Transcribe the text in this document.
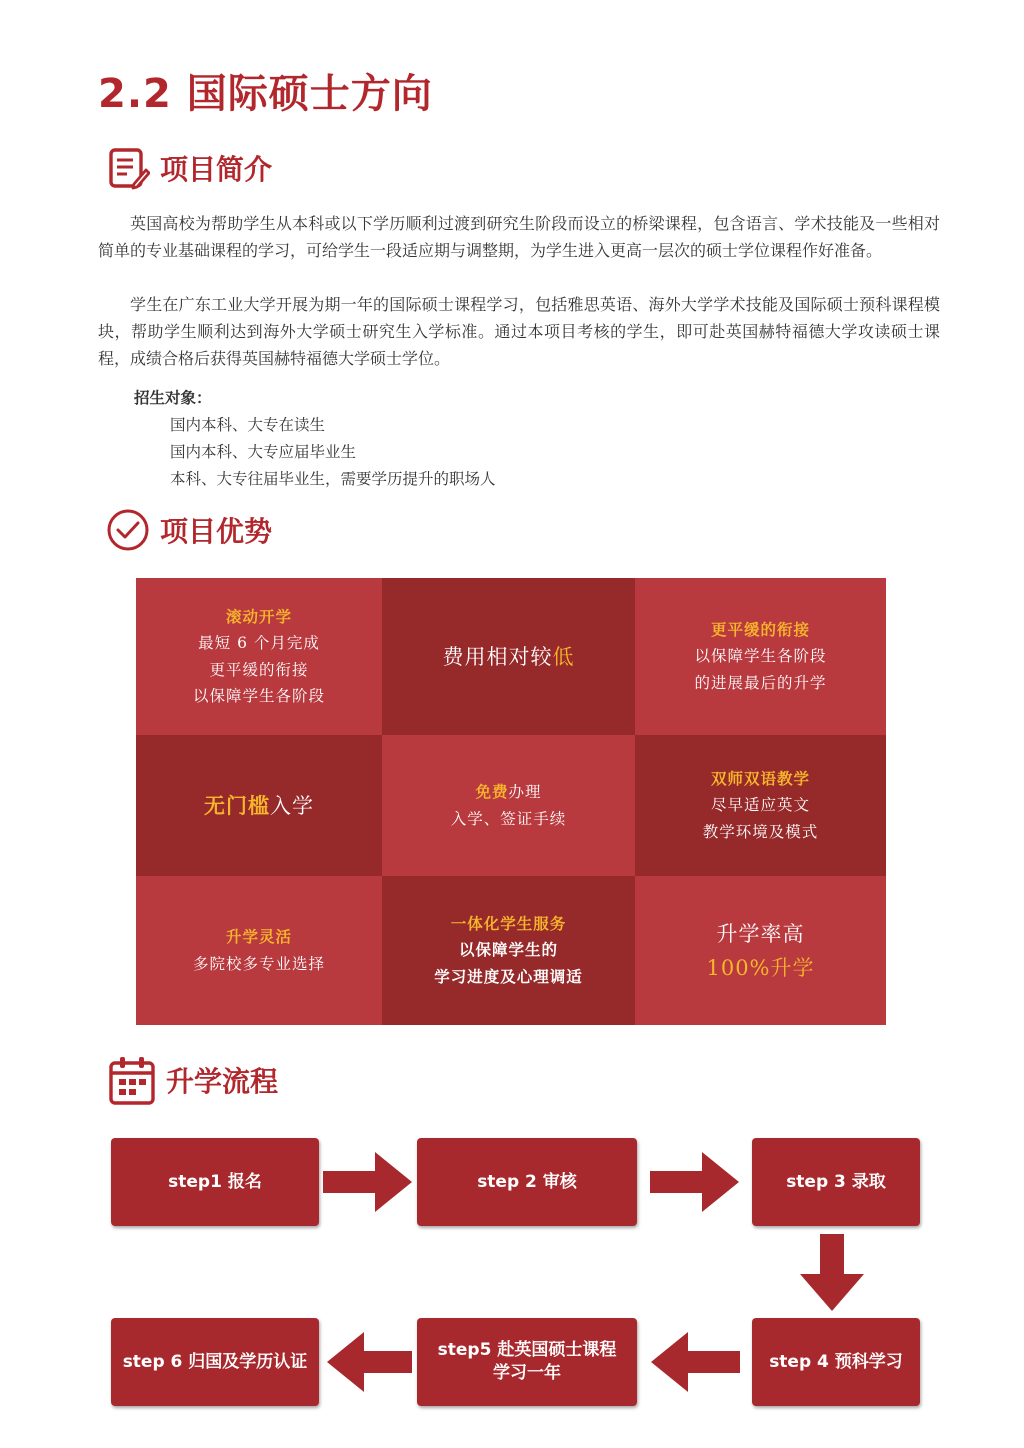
2.2 国际硕士方向
项目简介

英国高校为帮助学生从本科或以下学历顺利过渡到研究生阶段而设立的桥梁课程，包含语言、学术技能及一些相对简单的专业基础课程的学习，可给学生一段适应期与调整期，为学生进入更高一层次的硕士学位课程作好准备。

学生在广东工业大学开展为期一年的国际硕士课程学习，包括雅思英语、海外大学学术技能及国际硕士预科课程模块，帮助学生顺利达到海外大学硕士研究生入学标准。通过本项目考核的学生，即可赴英国赫特福德大学攻读硕士课程，成绩合格后获得英国赫特福德大学硕士学位。

招生对象：
国内本科、大专在读生
国内本科、大专应届毕业生
本科、大专往届毕业生，需要学历提升的职场人
项目优势
滚动开学
最短 6 个月完成
更平缓的衔接
以保障学生各阶段
费用相对较低
更平缓的衔接
以保障学生各阶段
的进展最后的升学
无门槛入学
免费办理
入学、签证手续
双师双语教学
尽早适应英文
教学环境及模式
升学灵活
多院校多专业选择
一体化学生服务
以保障学生的
学习进度及心理调适
升学率高
100%升学
升学流程
step1 报名	step 2 审核	step 3 录取
step 4 预科学习
step5 赴英国硕士课程
学习一年
step 6 归国及学历认证
